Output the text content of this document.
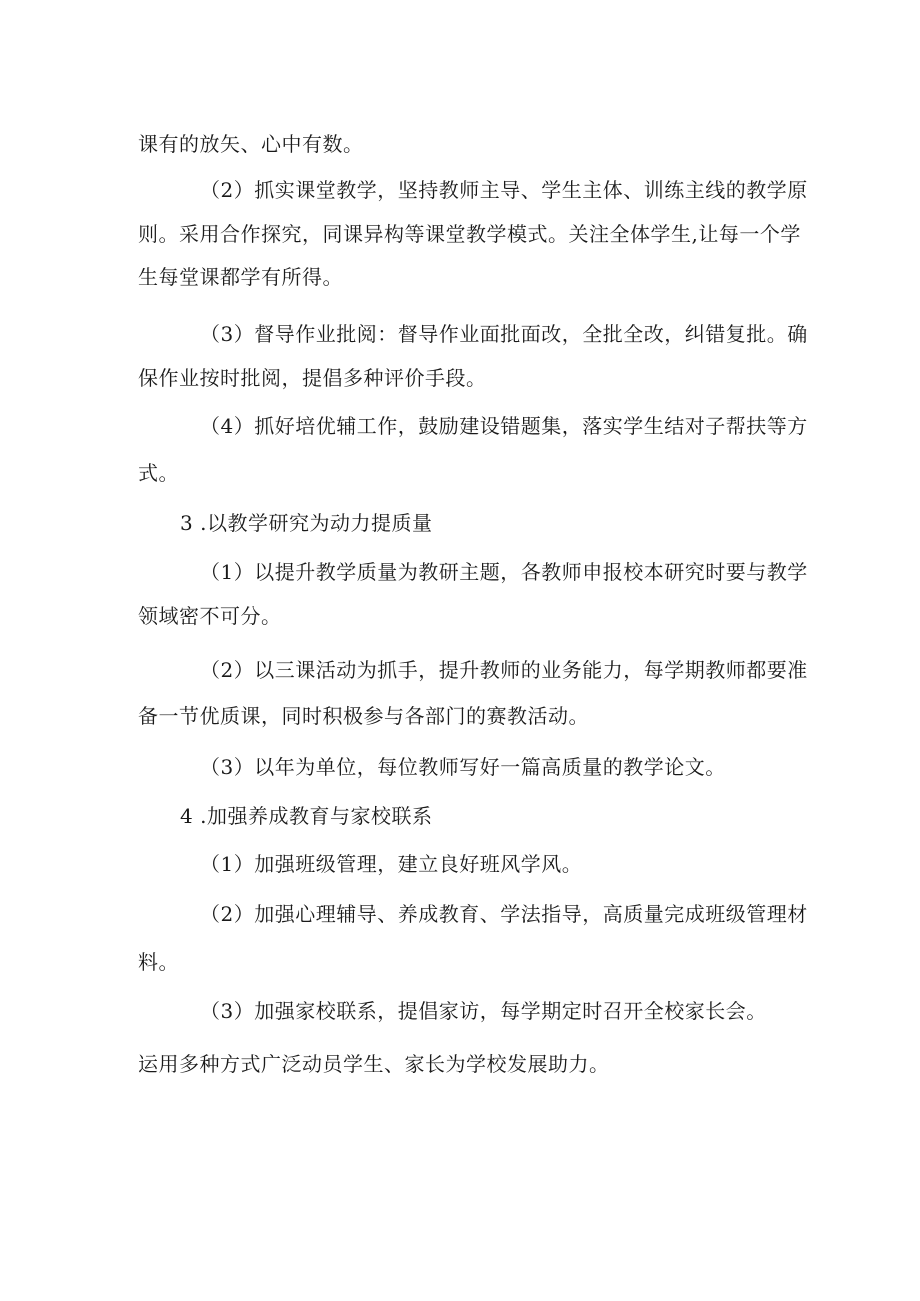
课有的放矢、心中有数。
（2）抓实课堂教学，坚持教师主导、学生主体、训练主线的教学原
则。采用合作探究，同课异构等课堂教学模式。关注全体学生,让每一个学
生每堂课都学有所得。
（3）督导作业批阅：督导作业面批面改，全批全改，纠错复批。确
保作业按时批阅，提倡多种评价手段。
（4）抓好培优辅工作，鼓励建设错题集，落实学生结对子帮扶等方
式。
3 .以教学研究为动力提质量
（1）以提升教学质量为教研主题，各教师申报校本研究时要与教学
领域密不可分。
（2）以三课活动为抓手，提升教师的业务能力，每学期教师都要准
备一节优质课，同时积极参与各部门的赛教活动。
（3）以年为单位，每位教师写好一篇高质量的教学论文。
4 .加强养成教育与家校联系
（1）加强班级管理，建立良好班风学风。
（2）加强心理辅导、养成教育、学法指导，高质量完成班级管理材
料。
（3）加强家校联系，提倡家访，每学期定时召开全校家长会。
运用多种方式广泛动员学生、家长为学校发展助力。
